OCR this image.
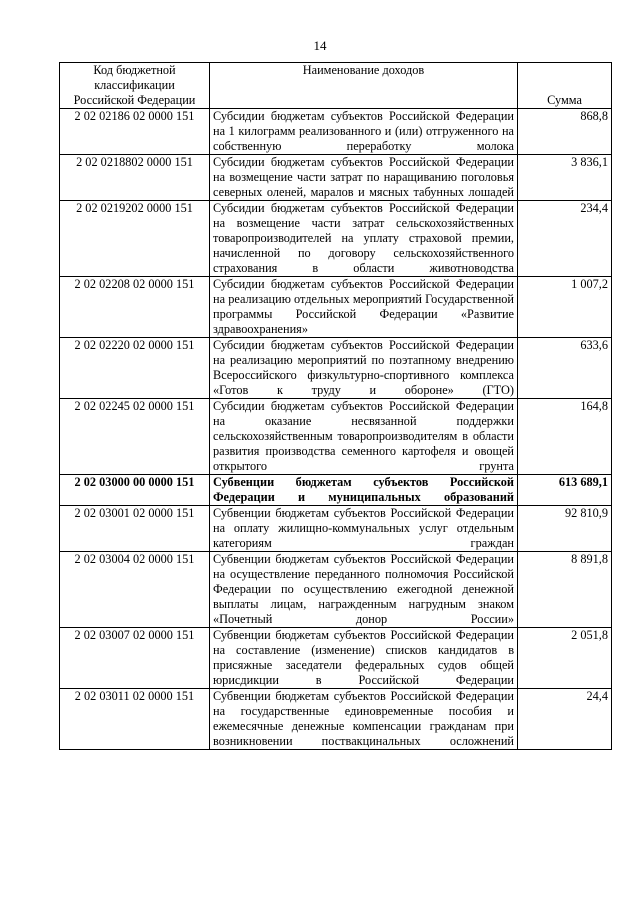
14
Код бюджетной классификации Российской Федерации	Наименование доходов	Сумма
2 02 02186 02 0000 151	Субсидии бюджетам субъектов Российской Федерации на 1 килограмм реализованного и (или) отгруженного на собственную переработку молока	868,8
2 02 0218802 0000 151	Субсидии бюджетам субъектов Российской Федерации на возмещение части затрат по наращиванию поголовья северных оленей, маралов и мясных табунных лошадей	3 836,1
2 02 0219202 0000 151	Субсидии бюджетам субъектов Российской Федерации на возмещение части затрат сельскохозяйственных товаропроизводителей на уплату страховой премии, начисленной по договору сельскохозяйственного страхования в области животноводства	234,4
2 02 02208 02 0000 151	Субсидии бюджетам субъектов Российской Федерации на реализацию отдельных мероприятий Государственной программы Российской Федерации «Развитие здравоохранения»	1 007,2
2 02 02220 02 0000 151	Субсидии бюджетам субъектов Российской Федерации на реализацию мероприятий по поэтапному внедрению Всероссийского физкультурно-спортивного комплекса «Готов к труду и обороне» (ГТО)	633,6
2 02 02245 02 0000 151	Субсидии бюджетам субъектов Российской Федерации на оказание несвязанной поддержки сельскохозяйственным товаропроизводителям в области развития производства семенного картофеля и овощей открытого грунта	164,8
2 02 03000 00 0000 151	Субвенции бюджетам субъектов Российской Федерации и муниципальных образований	613 689,1
2 02 03001 02 0000 151	Субвенции бюджетам субъектов Российской Федерации на оплату жилищно-коммунальных услуг отдельным категориям граждан	92 810,9
2 02 03004 02 0000 151	Субвенции бюджетам субъектов Российской Федерации на осуществление переданного полномочия Российской Федерации по осуществлению ежегодной денежной выплаты лицам, награжденным нагрудным знаком «Почетный донор России»	8 891,8
2 02 03007 02 0000 151	Субвенции бюджетам субъектов Российской Федерации на составление (изменение) списков кандидатов в присяжные заседатели федеральных судов общей юрисдикции в Российской Федерации	2 051,8
2 02 03011 02 0000 151	Субвенции бюджетам субъектов Российской Федерации на государственные единовременные пособия и ежемесячные денежные компенсации гражданам при возникновении поствакцинальных осложнений	24,4
